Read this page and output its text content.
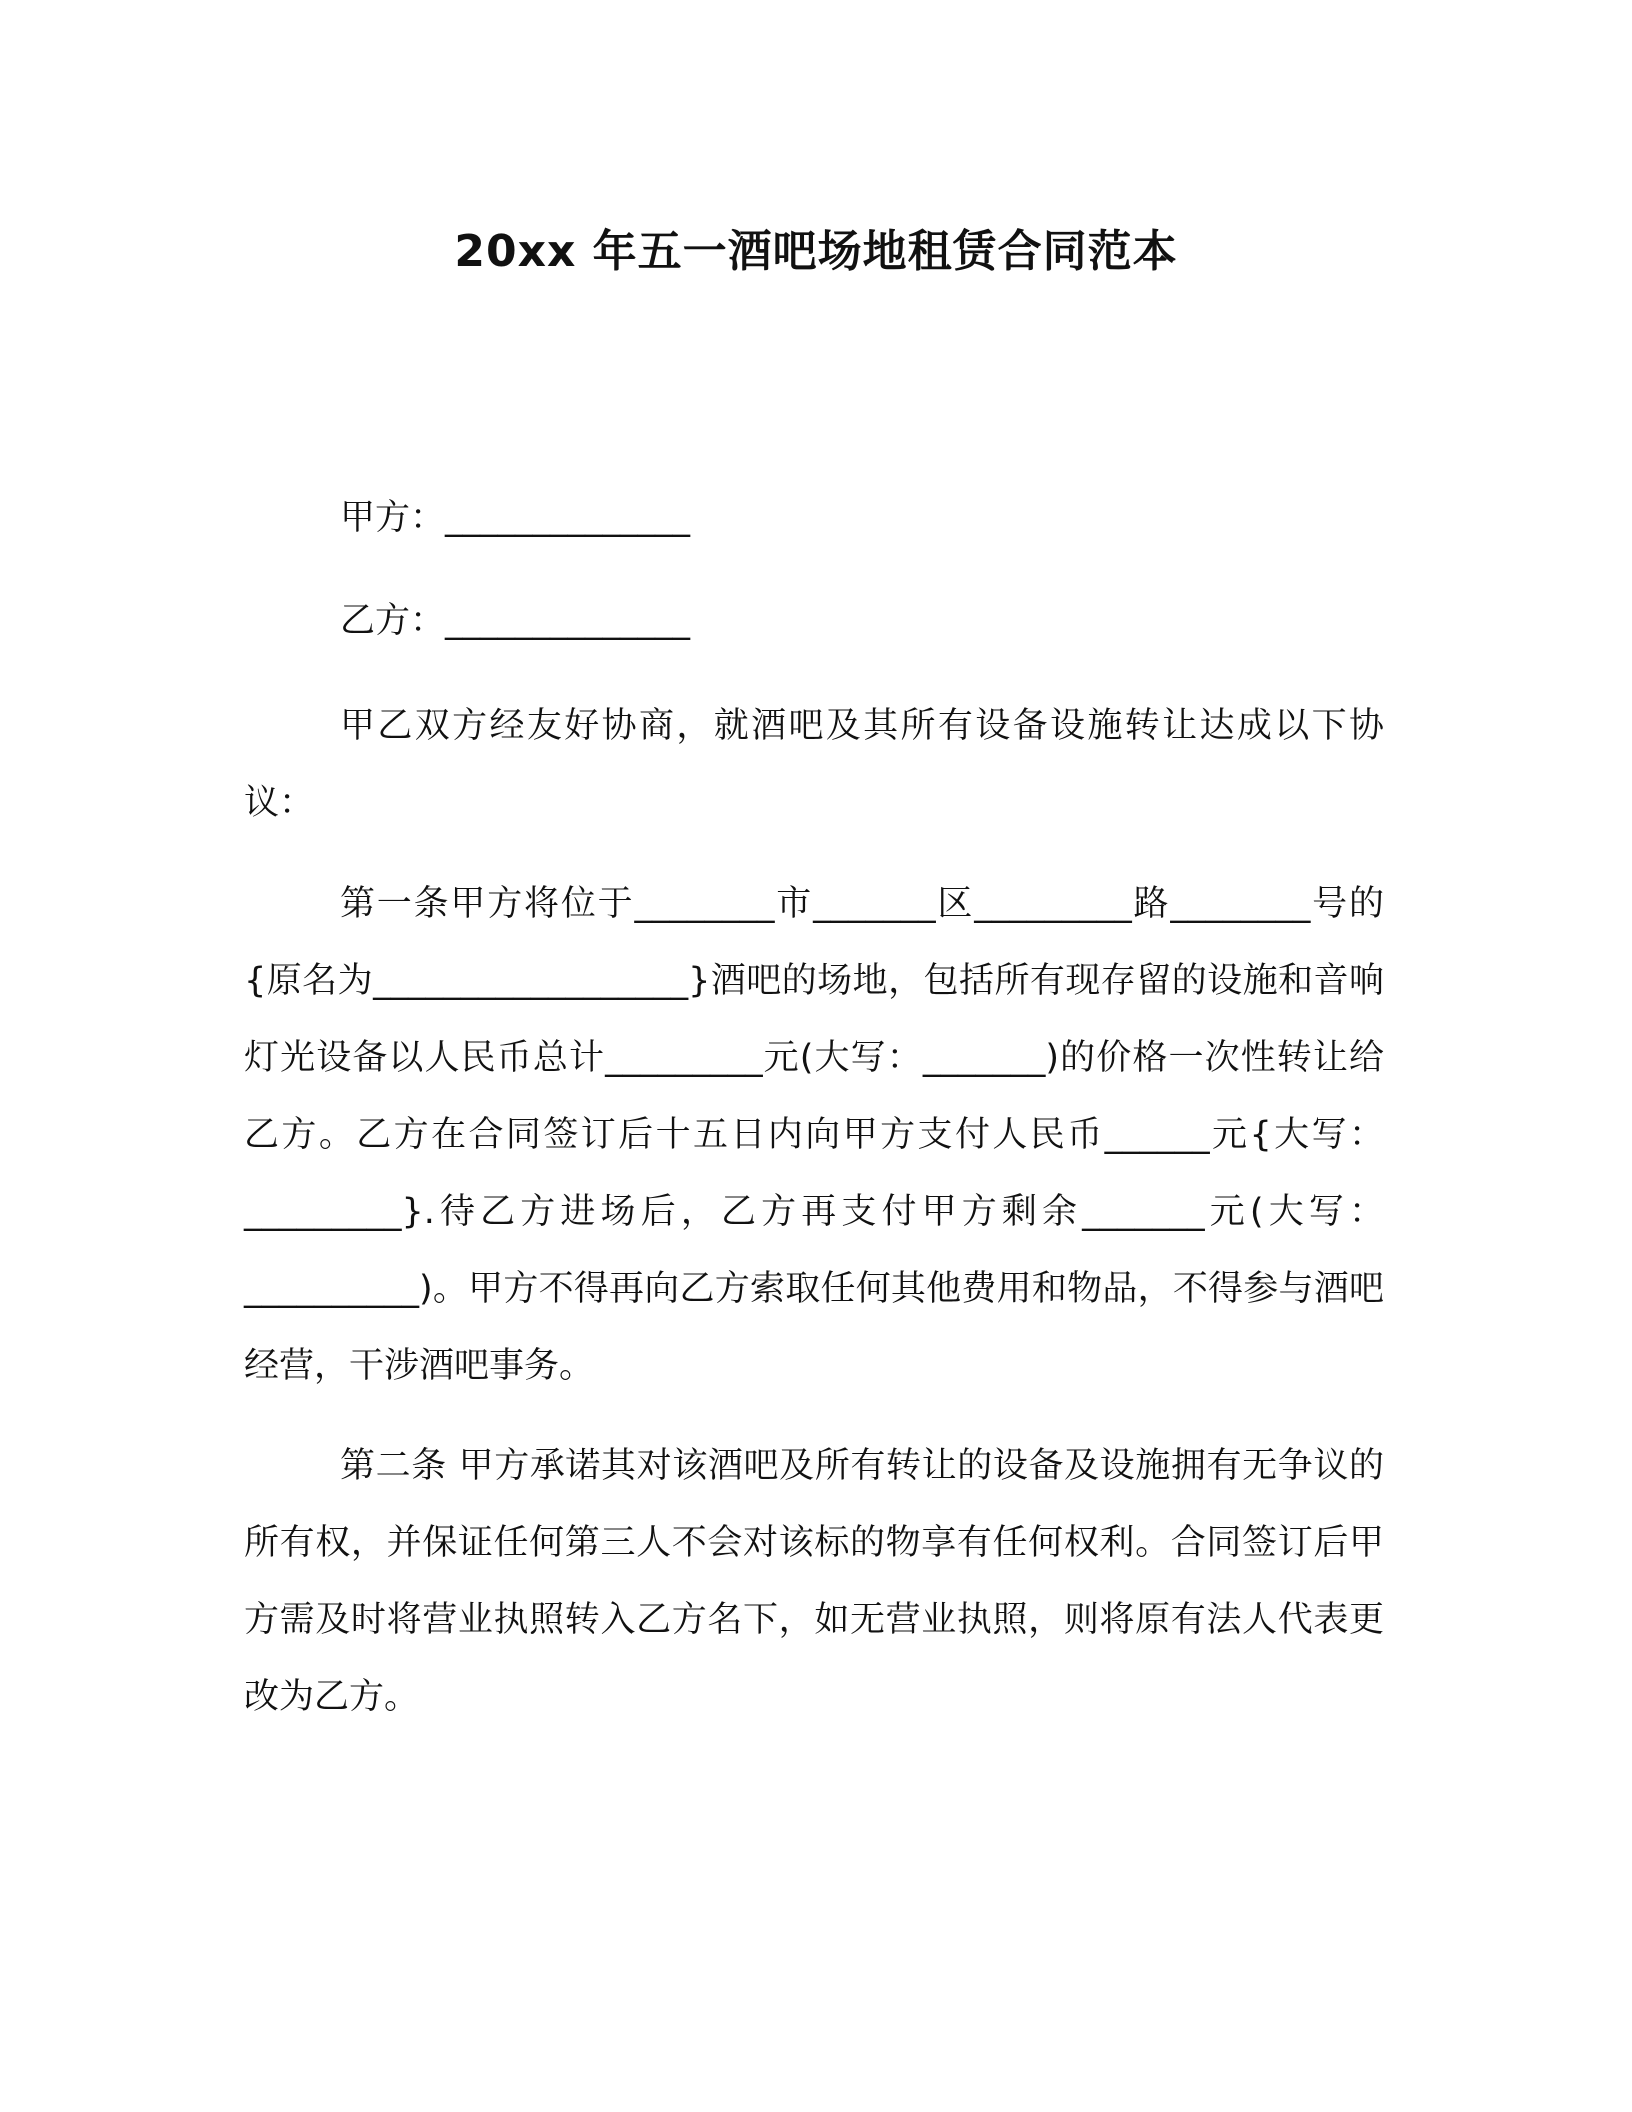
20xx 年五一酒吧场地租赁合同范本

甲方：______________

乙方：______________

甲乙双方经友好协商，就酒吧及其所有设备设施转让达成以下协议：

第一条甲方将位于________市_______区_________路________号的{原名为__________________}酒吧的场地，包括所有现存留的设施和音响灯光设备以人民币总计_________元(大写：_______)的价格一次性转让给乙方。乙方在合同签订后十五日内向甲方支付人民币______元{大写：_________}.待乙方进场后，乙方再支付甲方剩余_______元(大写：__________)。甲方不得再向乙方索取任何其他费用和物品，不得参与酒吧经营，干涉酒吧事务。

第二条 甲方承诺其对该酒吧及所有转让的设备及设施拥有无争议的所有权，并保证任何第三人不会对该标的物享有任何权利。合同签订后甲方需及时将营业执照转入乙方名下，如无营业执照，则将原有法人代表更改为乙方。
